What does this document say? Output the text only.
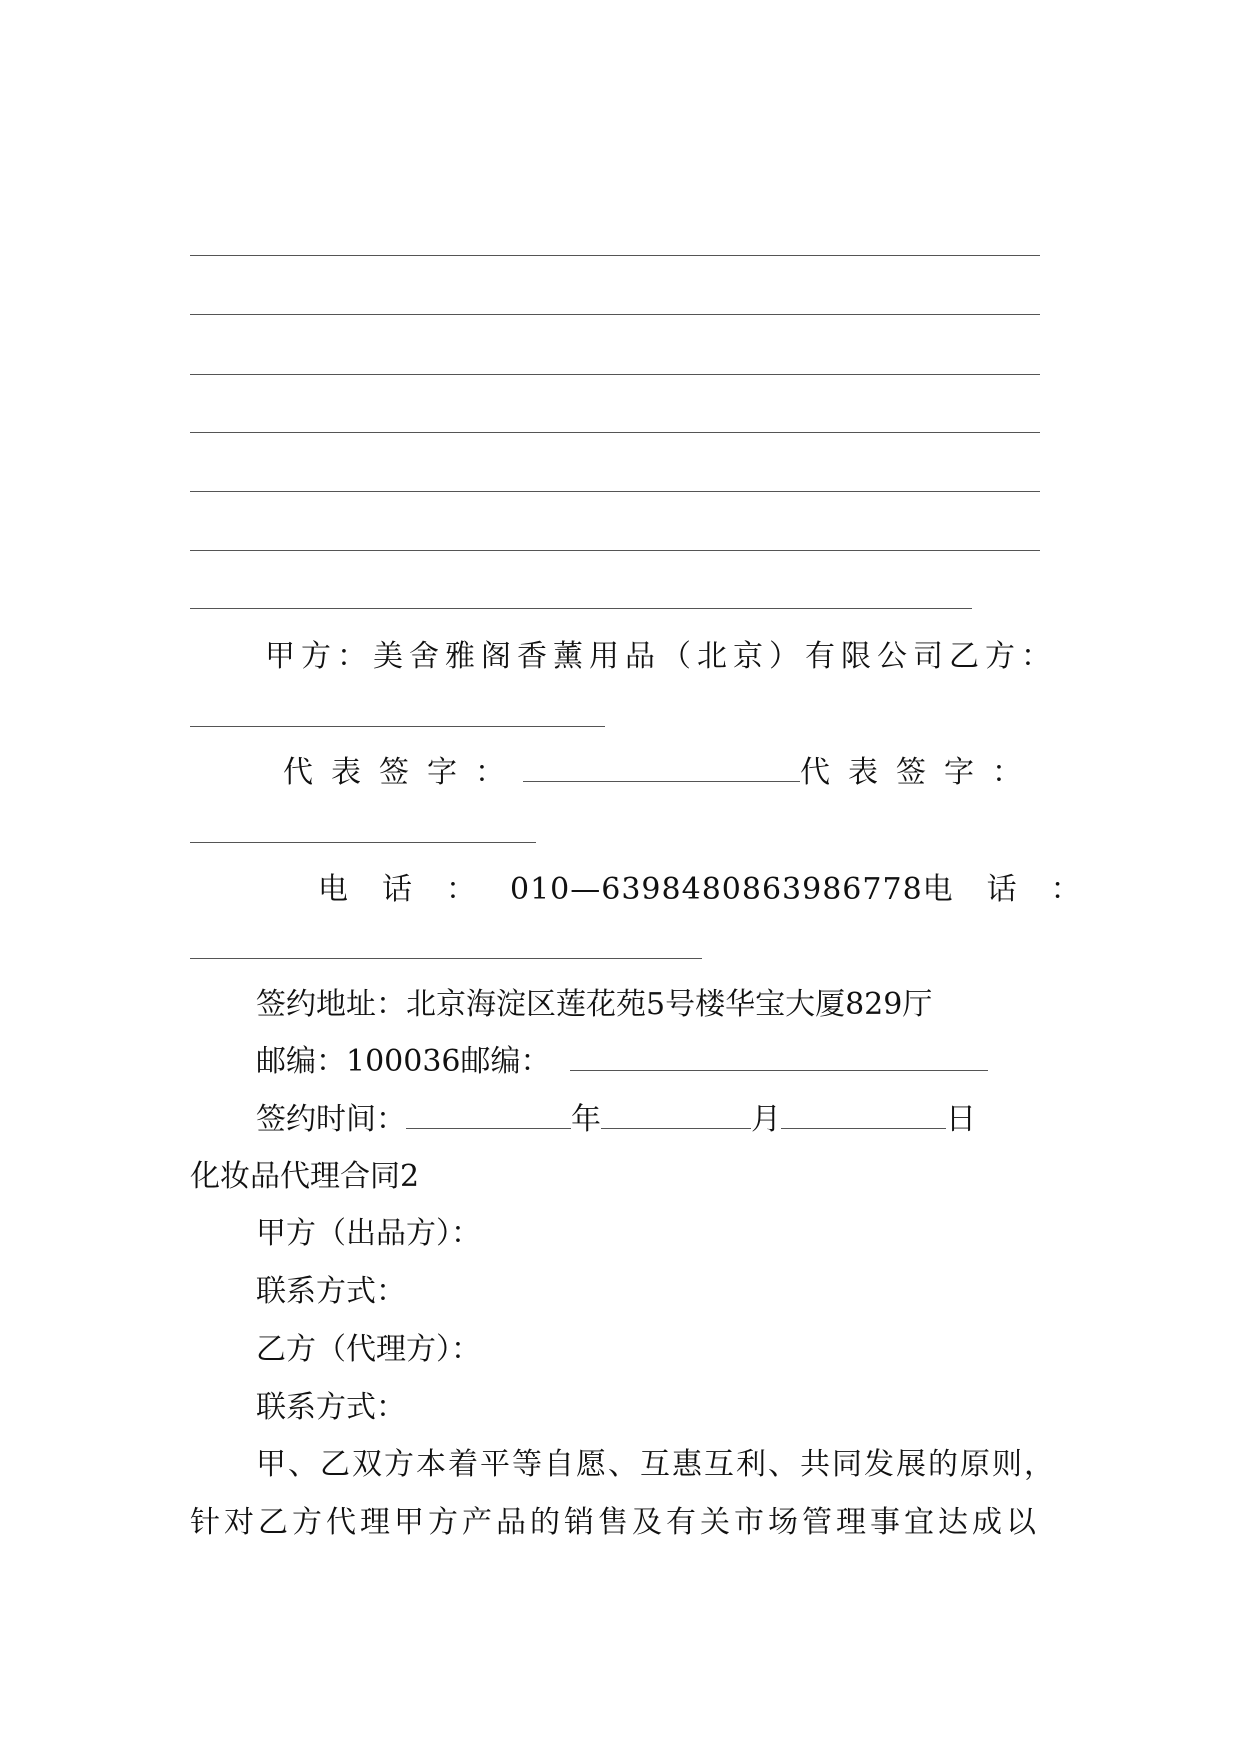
甲方：美舍雅阁香薰用品（北京）有限公司乙方：
代表签字：	代表签字：
电话： 010—6398480863986778 电话：
签约地址：北京海淀区莲花苑5号楼华宝大厦829厅
邮编：100036邮编：
签约时间：	年	月	日
化妆品代理合同2
甲方（出品方）：
联系方式：
乙方（代理方）：
联系方式：
甲、乙双方本着平等自愿、互惠互利、共同发展的原则，
针对乙方代理甲方产品的销售及有关市场管理事宜达成以
